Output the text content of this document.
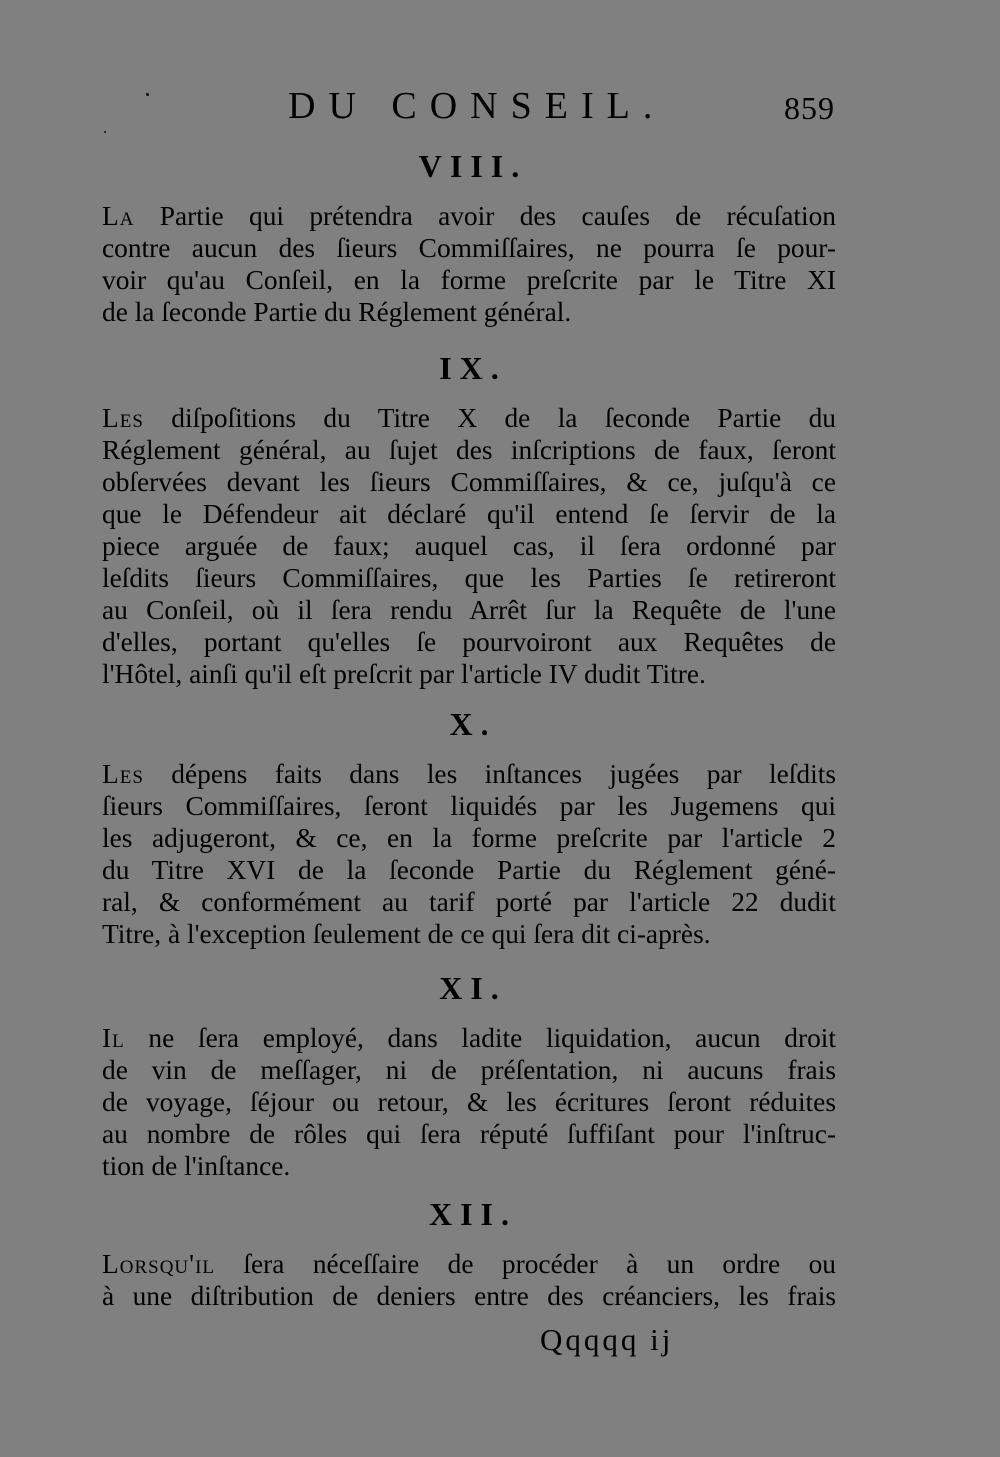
DU CONSEIL.	859
VIII.

La Partie qui prétendra avoir des cauſes de récuſation
contre aucun des ſieurs Commiſſaires, ne pourra ſe pour-
voir qu'au Conſeil, en la forme preſcrite par le Titre XI
de la ſeconde Partie du Réglement général.

IX.

Les diſpoſitions du Titre X de la ſeconde Partie du
Réglement général, au ſujet des inſcriptions de faux, ſeront
obſervées devant les ſieurs Commiſſaires, & ce, juſqu'à ce
que le Défendeur ait déclaré qu'il entend ſe ſervir de la
piece arguée de faux; auquel cas, il ſera ordonné par
leſdits ſieurs Commiſſaires, que les Parties ſe retireront
au Conſeil, où il ſera rendu Arrêt ſur la Requête de l'une
d'elles, portant qu'elles ſe pourvoiront aux Requêtes de
l'Hôtel, ainſi qu'il eſt preſcrit par l'article IV dudit Titre.

X.

Les dépens faits dans les inſtances jugées par leſdits
ſieurs Commiſſaires, ſeront liquidés par les Jugemens qui
les adjugeront, & ce, en la forme preſcrite par l'article 2
du Titre XVI de la ſeconde Partie du Réglement géné-
ral, & conformément au tarif porté par l'article 22 dudit
Titre, à l'exception ſeulement de ce qui ſera dit ci-après.

XI.

Il ne ſera employé, dans ladite liquidation, aucun droit
de vin de meſſager, ni de préſentation, ni aucuns frais
de voyage, ſéjour ou retour, & les écritures ſeront réduites
au nombre de rôles qui ſera réputé ſuffiſant pour l'inſtruc-
tion de l'inſtance.

XII.

Lorsqu'il ſera néceſſaire de procéder à un ordre ou
à une diſtribution de deniers entre des créanciers, les frais

Qqqqq ij
